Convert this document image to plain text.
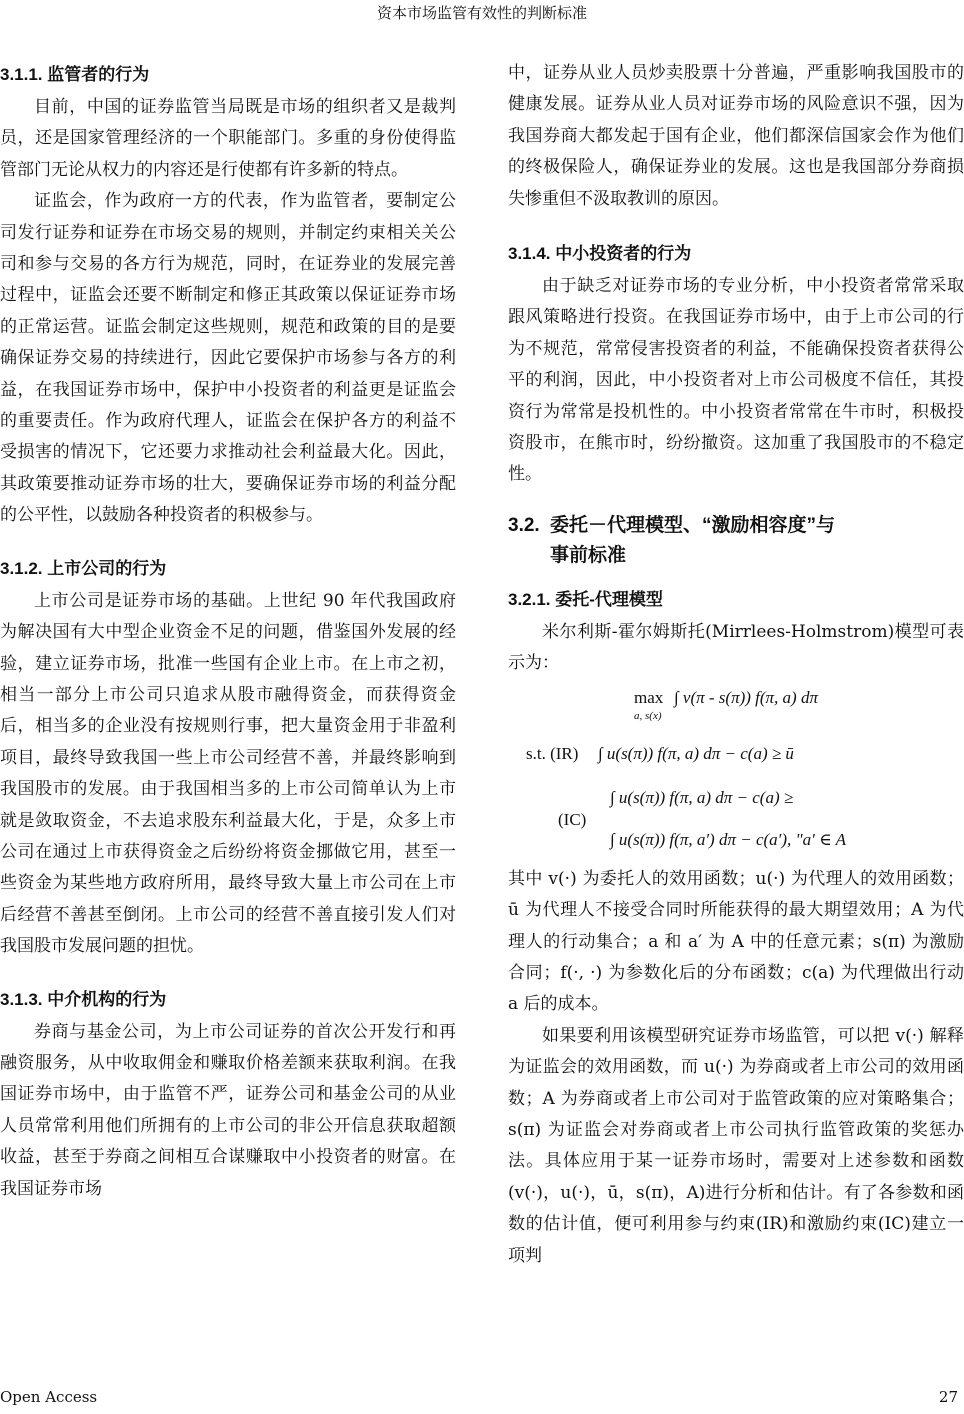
资本市场监管有效性的判断标准
3.1.1. 监管者的行为

目前，中国的证券监管当局既是市场的组织者又是裁判员，还是国家管理经济的一个职能部门。多重的身份使得监管部门无论从权力的内容还是行使都有许多新的特点。

证监会，作为政府一方的代表，作为监管者，要制定公司发行证券和证券在市场交易的规则，并制定约束相关关公司和参与交易的各方行为规范，同时，在证券业的发展完善过程中，证监会还要不断制定和修正其政策以保证证券市场的正常运营。证监会制定这些规则，规范和政策的目的是要确保证券交易的持续进行，因此它要保护市场参与各方的利益，在我国证券市场中，保护中小投资者的利益更是证监会的重要责任。作为政府代理人，证监会在保护各方的利益不受损害的情况下，它还要力求推动社会利益最大化。因此，其政策要推动证券市场的壮大，要确保证券市场的利益分配的公平性，以鼓励各种投资者的积极参与。

3.1.2. 上市公司的行为

上市公司是证券市场的基础。上世纪 90 年代我国政府为解决国有大中型企业资金不足的问题，借鉴国外发展的经验，建立证券市场，批准一些国有企业上市。在上市之初，相当一部分上市公司只追求从股市融得资金，而获得资金后，相当多的企业没有按规则行事，把大量资金用于非盈利项目，最终导致我国一些上市公司经营不善，并最终影响到我国股市的发展。由于我国相当多的上市公司简单认为上市就是敛取资金，不去追求股东利益最大化，于是，众多上市公司在通过上市获得资金之后纷纷将资金挪做它用，甚至一些资金为某些地方政府所用，最终导致大量上市公司在上市后经营不善甚至倒闭。上市公司的经营不善直接引发人们对我国股市发展问题的担忧。

3.1.3. 中介机构的行为

券商与基金公司，为上市公司证券的首次公开发行和再融资服务，从中收取佣金和赚取价格差额来获取利润。在我国证券市场中，由于监管不严，证券公司和基金公司的从业人员常常利用他们所拥有的上市公司的非公开信息获取超额收益，甚至于券商之间相互合谋赚取中小投资者的财富。在我国证券市场

中，证券从业人员炒卖股票十分普遍，严重影响我国股市的健康发展。证券从业人员对证券市场的风险意识不强，因为我国券商大都发起于国有企业，他们都深信国家会作为他们的终极保险人，确保证券业的发展。这也是我国部分券商损失惨重但不汲取教训的原因。

3.1.4. 中小投资者的行为

由于缺乏对证券市场的专业分析，中小投资者常常采取跟风策略进行投资。在我国证券市场中，由于上市公司的行为不规范，常常侵害投资者的利益，不能确保投资者获得公平的利润，因此，中小投资者对上市公司极度不信任，其投资行为常常是投机性的。中小投资者常常在牛市时，积极投资股市，在熊市时，纷纷撤资。这加重了我国股市的不稳定性。

3.2. 委托－代理模型、“激励相容度”与
事前标准
3.2.1. 委托-代理模型

米尔利斯-霍尔姆斯托(Mirrlees-Holmstrom)模型可表示为：

max
a, s(x)
∫ v(π - s(π)) f(π, a) dπ
s.t. (IR) ∫ u(s(π)) f(π, a) dπ − c(a) ≥ ū
(IC)
∫ u(s(π)) f(π, a) dπ − c(a) ≥
∫ u(s(π)) f(π, a′) dπ − c(a′), "a′ ∈ A

其中 v(·) 为委托人的效用函数；u(·) 为代理人的效用函数；ū 为代理人不接受合同时所能获得的最大期望效用；A 为代理人的行动集合；a 和 a′ 为 A 中的任意元素；s(π) 为激励合同；f(·, ·) 为参数化后的分布函数；c(a) 为代理做出行动 a 后的成本。

如果要利用该模型研究证券市场监管，可以把 v(·) 解释为证监会的效用函数，而 u(·) 为券商或者上市公司的效用函数；A 为券商或者上市公司对于监管政策的应对策略集合；s(π) 为证监会对券商或者上市公司执行监管政策的奖惩办法。具体应用于某一证券市场时，需要对上述参数和函数(v(·)，u(·)，ū，s(π)，A)进行分析和估计。有了各参数和函数的估计值，便可利用参与约束(IR)和激励约束(IC)建立一项判

Open Access	27
